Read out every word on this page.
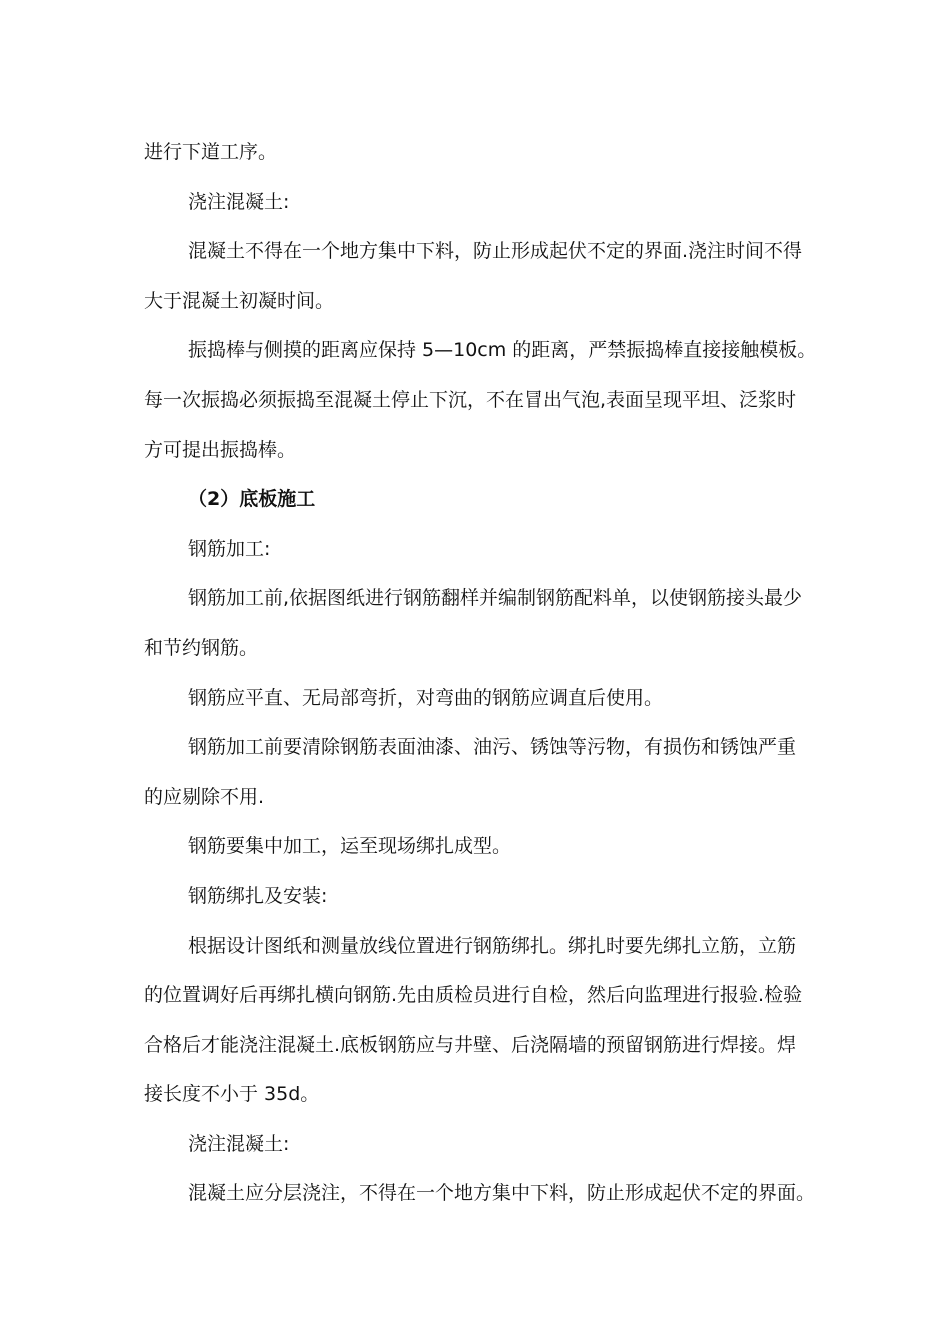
进行下道工序。
浇注混凝土:
混凝土不得在一个地方集中下料，防止形成起伏不定的界面.浇注时间不得
大于混凝土初凝时间。
振捣棒与侧摸的距离应保持 5—10cm 的距离，严禁振捣棒直接接触模板。
每一次振捣必须振捣至混凝土停止下沉，不在冒出气泡,表面呈现平坦、泛浆时
方可提出振捣棒。
（2）底板施工
钢筋加工:
钢筋加工前,依据图纸进行钢筋翻样并编制钢筋配料单，以使钢筋接头最少
和节约钢筋。
钢筋应平直、无局部弯折，对弯曲的钢筋应调直后使用。
钢筋加工前要清除钢筋表面油漆、油污、锈蚀等污物，有损伤和锈蚀严重
的应剔除不用.
钢筋要集中加工，运至现场绑扎成型。
钢筋绑扎及安装:
根据设计图纸和测量放线位置进行钢筋绑扎。绑扎时要先绑扎立筋，立筋
的位置调好后再绑扎横向钢筋.先由质检员进行自检，然后向监理进行报验.检验
合格后才能浇注混凝土.底板钢筋应与井壁、后浇隔墙的预留钢筋进行焊接。焊
接长度不小于 35d。
浇注混凝土:
混凝土应分层浇注，不得在一个地方集中下料，防止形成起伏不定的界面。
